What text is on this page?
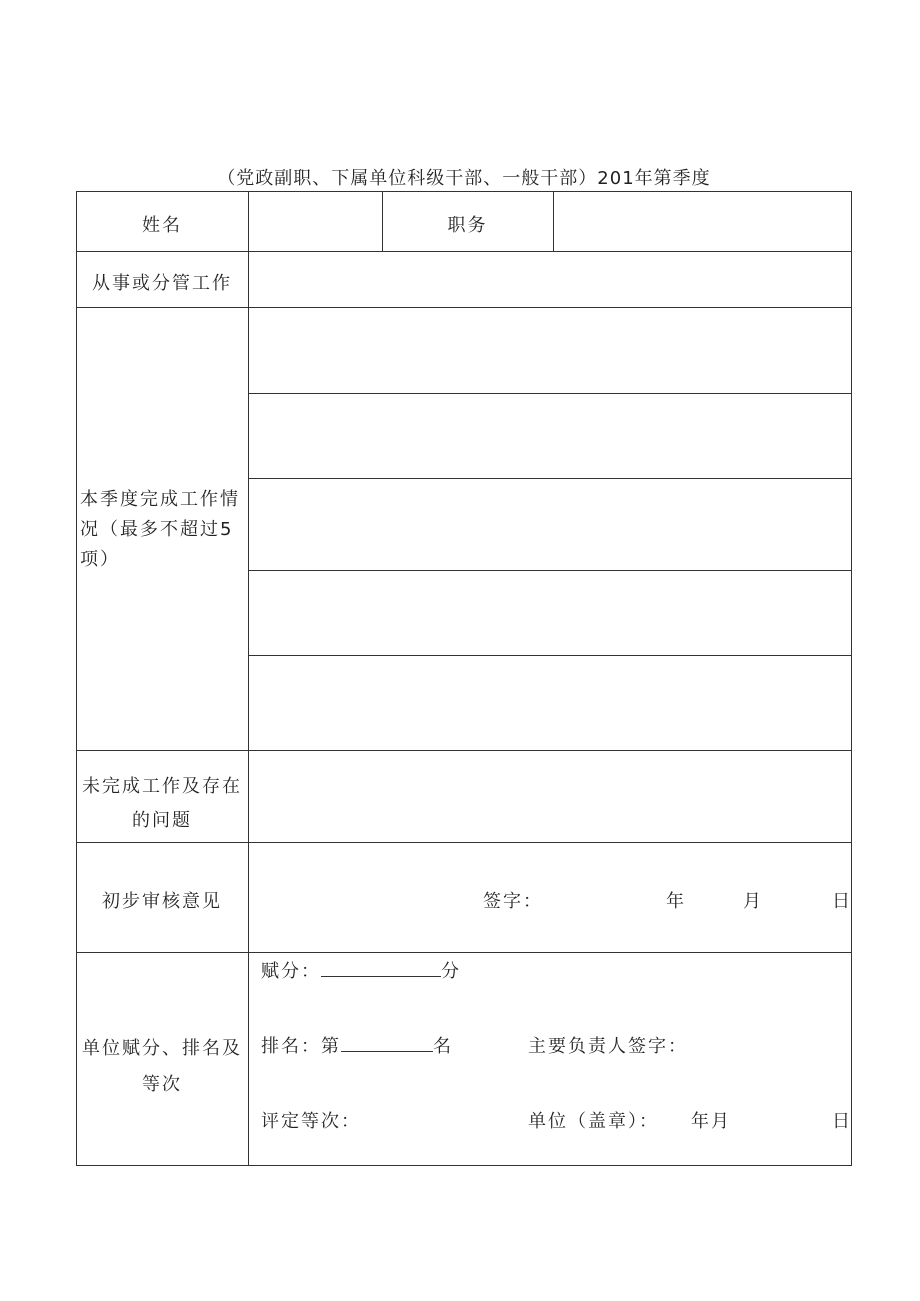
（党政副职、下属单位科级干部、一般干部）201年第季度
姓名	职务
从事或分管工作
本季度完成工作情况（最多不超过5项）
未完成工作及存在
的问题
初步审核意见	签字：	年	月	日
单位赋分、排名及
等次
赋分：	分
排名：第	名	主要负责人签字：
评定等次：	单位（盖章）： 年月	日
